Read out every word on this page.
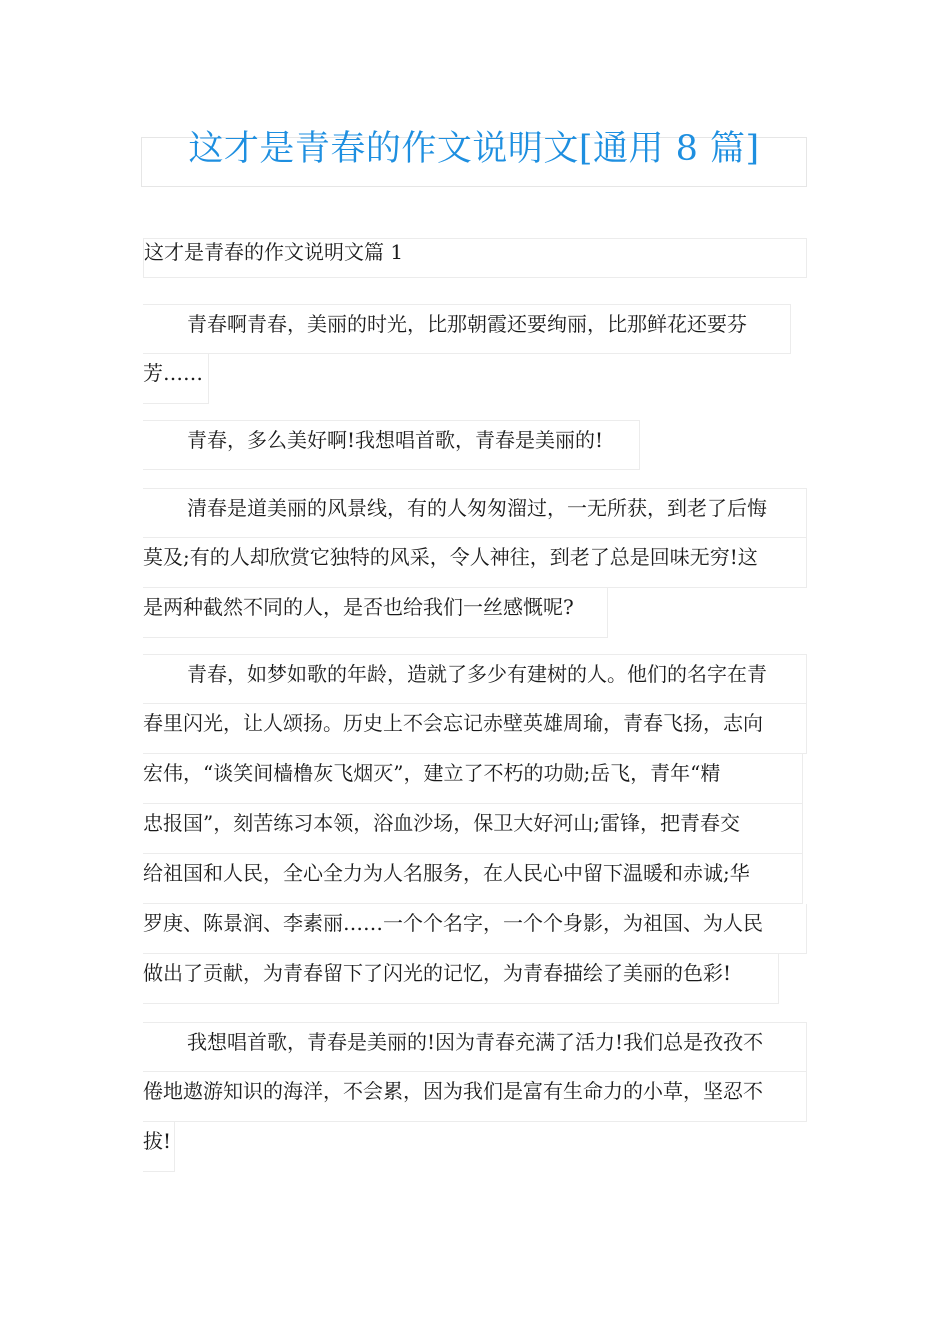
这才是青春的作文说明文[通用 8 篇]
这才是青春的作文说明文篇 1
青春啊青春，美丽的时光，比那朝霞还要绚丽，比那鲜花还要芬
芳……
青春，多么美好啊!我想唱首歌，青春是美丽的!
清春是道美丽的风景线，有的人匆匆溜过，一无所获，到老了后悔
莫及;有的人却欣赏它独特的风采，令人神往，到老了总是回味无穷!这
是两种截然不同的人，是否也给我们一丝感慨呢?
青春，如梦如歌的年龄，造就了多少有建树的人。他们的名字在青
春里闪光，让人颂扬。历史上不会忘记赤壁英雄周瑜，青春飞扬，志向
宏伟，“谈笑间樯橹灰飞烟灭”，建立了不朽的功勋;岳飞，青年“精
忠报国”，刻苦练习本领，浴血沙场，保卫大好河山;雷锋，把青春交
给祖国和人民，全心全力为人名服务，在人民心中留下温暖和赤诚;华
罗庚、陈景润、李素丽……一个个名字，一个个身影，为祖国、为人民
做出了贡献，为青春留下了闪光的记忆，为青春描绘了美丽的色彩!
我想唱首歌，青春是美丽的!因为青春充满了活力!我们总是孜孜不
倦地遨游知识的海洋，不会累，因为我们是富有生命力的小草，坚忍不
拔!
